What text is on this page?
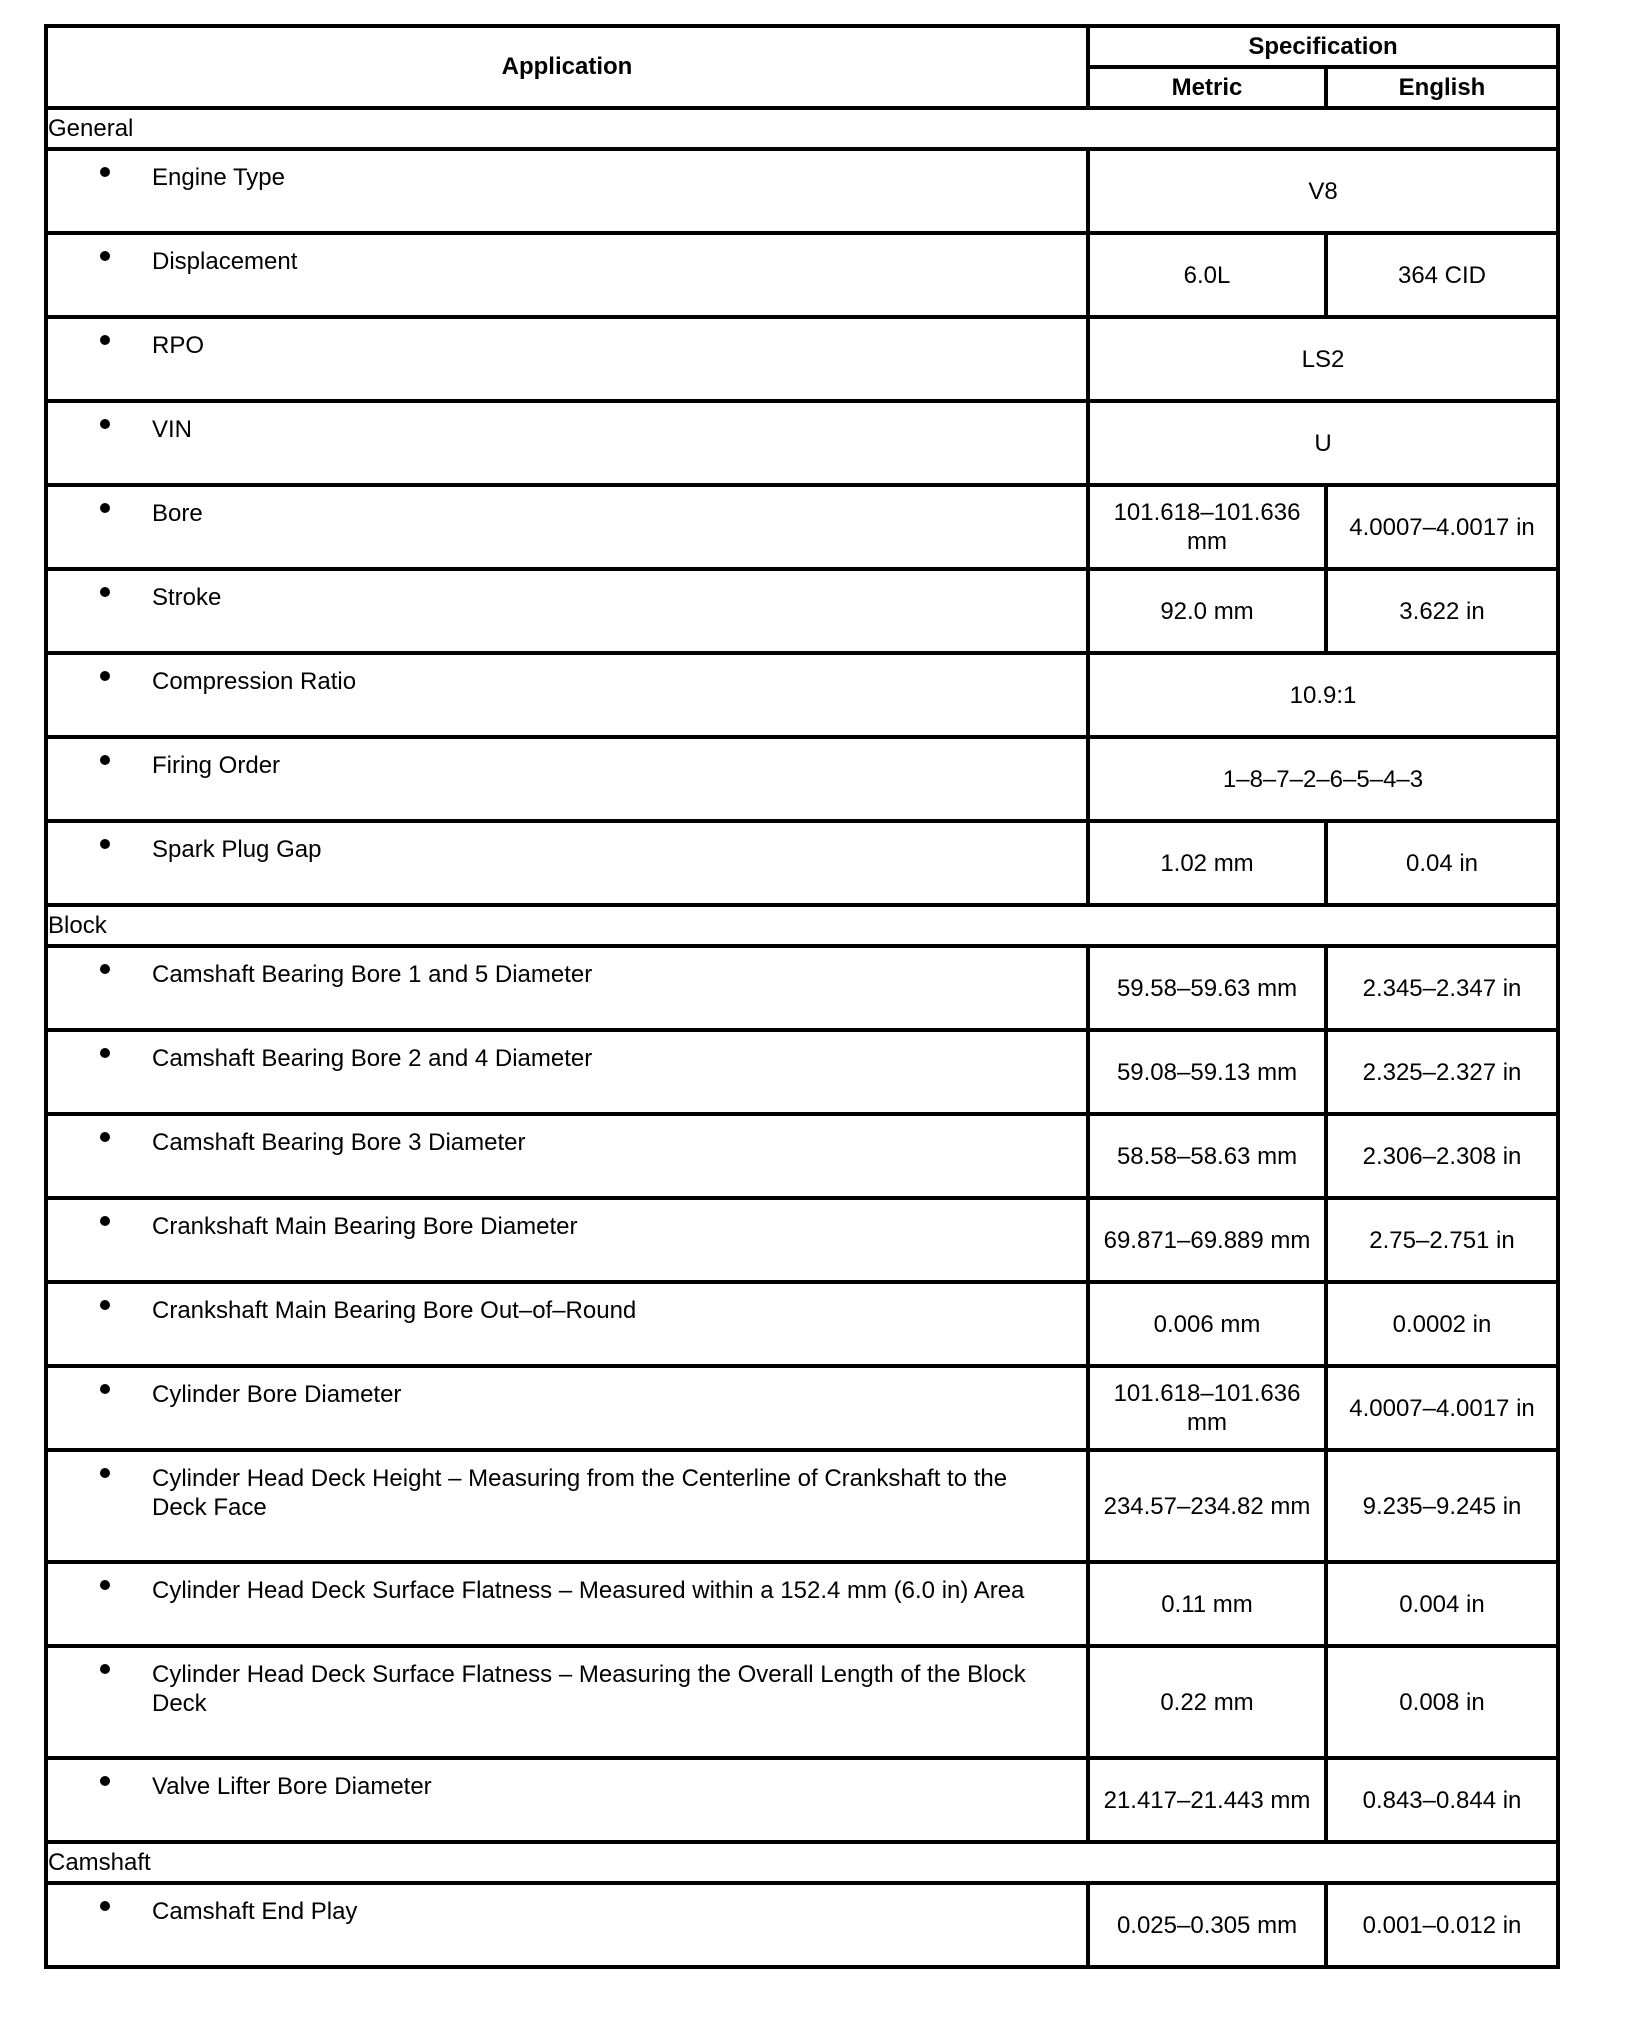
Application	Specification	
	Metric	English
General		

Engine Type	V8	

Displacement	6.0L	364 CID

RPO	LS2	

VIN	U	

Bore	101.618–101.636 mm	4.0007–4.0017 in

Stroke	92.0 mm	3.622 in

Compression Ratio	10.9:1	

Firing Order	1–8–7–2–6–5–4–3	

Spark Plug Gap	1.02 mm	0.04 in
Block		

Camshaft Bearing Bore 1 and 5 Diameter	59.58–59.63 mm	2.345–2.347 in

Camshaft Bearing Bore 2 and 4 Diameter	59.08–59.13 mm	2.325–2.327 in

Camshaft Bearing Bore 3 Diameter	58.58–58.63 mm	2.306–2.308 in

Crankshaft Main Bearing Bore Diameter	69.871–69.889 mm	2.75–2.751 in

Crankshaft Main Bearing Bore Out–of–Round	0.006 mm	0.0002 in

Cylinder Bore Diameter	101.618–101.636 mm	4.0007–4.0017 in

Cylinder Head Deck Height – Measuring from the Centerline of Crankshaft to the Deck Face	234.57–234.82 mm	9.235–9.245 in

Cylinder Head Deck Surface Flatness – Measured within a 152.4 mm (6.0 in) Area	0.11 mm	0.004 in

Cylinder Head Deck Surface Flatness – Measuring the Overall Length of the Block Deck	0.22 mm	0.008 in

Valve Lifter Bore Diameter	21.417–21.443 mm	0.843–0.844 in
Camshaft		

Camshaft End Play	0.025–0.305 mm	0.001–0.012 in
